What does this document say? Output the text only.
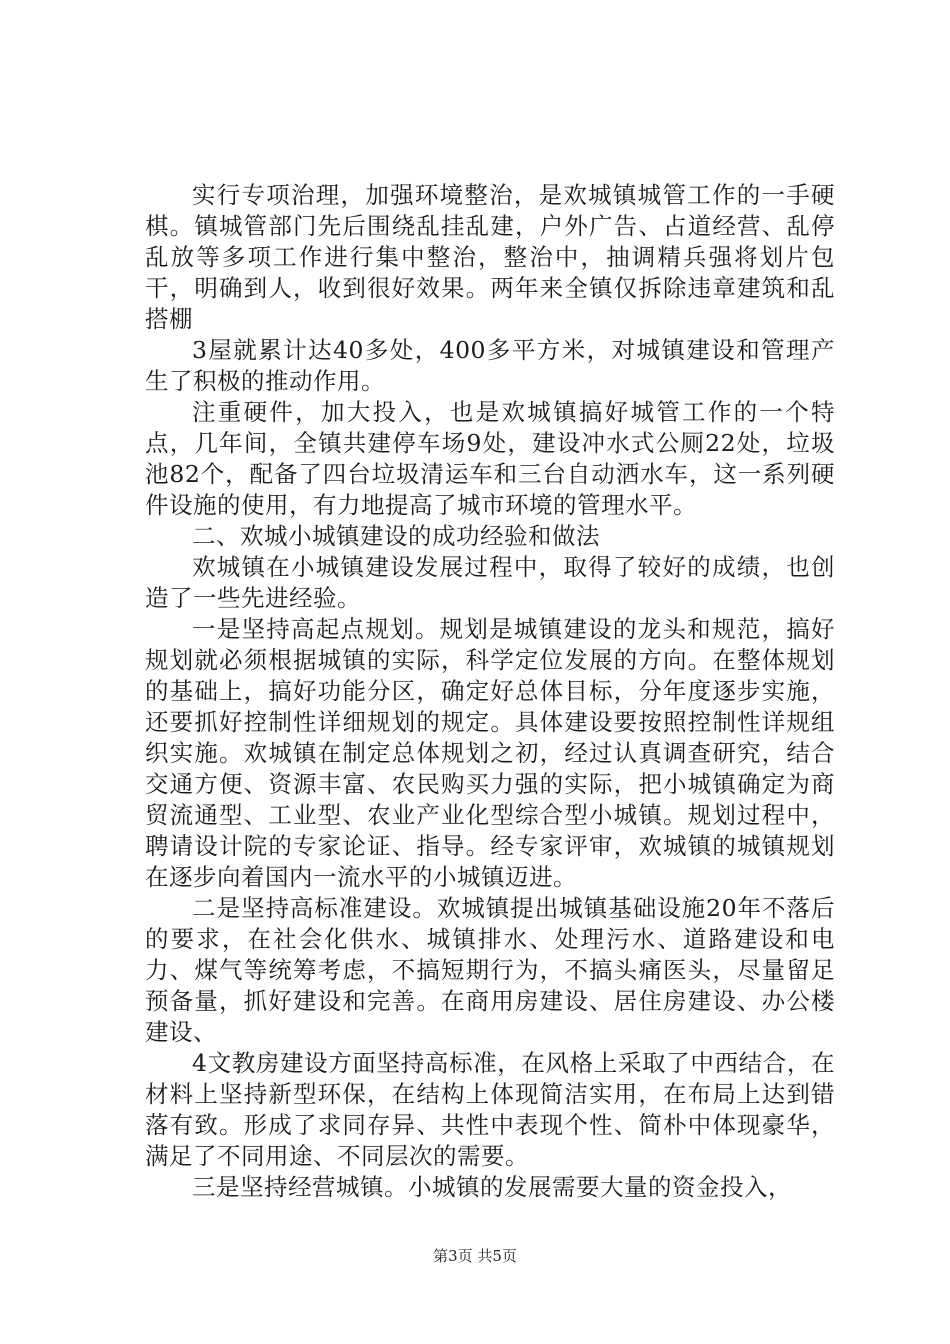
实行专项治理，加强环境整治，是欢城镇城管工作的一手硬棋。镇城管部门先后围绕乱挂乱建，户外广告、占道经营、乱停乱放等多项工作进行集中整治，整治中，抽调精兵强将划片包干，明确到人，收到很好效果。两年来全镇仅拆除违章建筑和乱搭棚

3屋就累计达40多处，400多平方米，对城镇建设和管理产生了积极的推动作用。

注重硬件，加大投入，也是欢城镇搞好城管工作的一个特点，几年间，全镇共建停车场9处，建设冲水式公厕22处，垃圾池82个，配备了四台垃圾清运车和三台自动洒水车，这一系列硬件设施的使用，有力地提高了城市环境的管理水平。

二、欢城小城镇建设的成功经验和做法

欢城镇在小城镇建设发展过程中，取得了较好的成绩，也创造了一些先进经验。

一是坚持高起点规划。规划是城镇建设的龙头和规范，搞好规划就必须根据城镇的实际，科学定位发展的方向。在整体规划的基础上，搞好功能分区，确定好总体目标，分年度逐步实施，还要抓好控制性详细规划的规定。具体建设要按照控制性详规组织实施。欢城镇在制定总体规划之初，经过认真调查研究，结合交通方便、资源丰富、农民购买力强的实际，把小城镇确定为商贸流通型、工业型、农业产业化型综合型小城镇。规划过程中，聘请设计院的专家论证、指导。经专家评审，欢城镇的城镇规划在逐步向着国内一流水平的小城镇迈进。

二是坚持高标准建设。欢城镇提出城镇基础设施20年不落后的要求，在社会化供水、城镇排水、处理污水、道路建设和电力、煤气等统筹考虑，不搞短期行为，不搞头痛医头，尽量留足预备量，抓好建设和完善。在商用房建设、居住房建设、办公楼建设、

4文教房建设方面坚持高标准，在风格上采取了中西结合，在材料上坚持新型环保，在结构上体现简洁实用，在布局上达到错落有致。形成了求同存异、共性中表现个性、简朴中体现豪华，满足了不同用途、不同层次的需要。

三是坚持经营城镇。小城镇的发展需要大量的资金投入，

第3页 共5页
